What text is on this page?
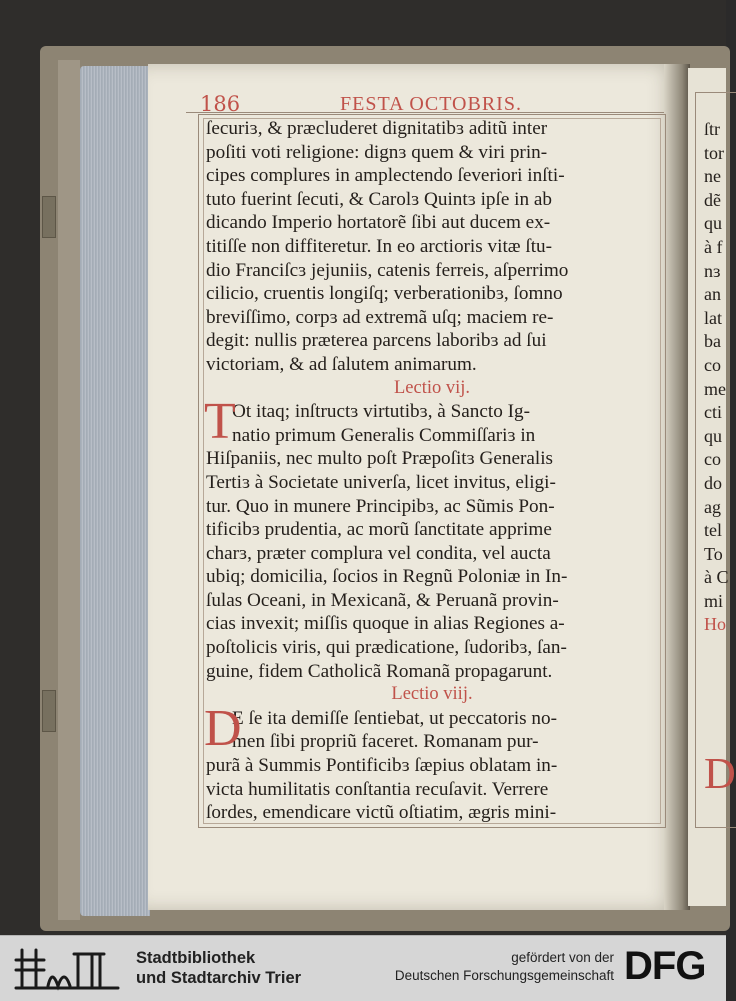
186	FESTA OCTOBRIS.
ſecuriɜ, & præcluderet dignitatibɜ aditũ inter
poſiti voti religione: dignɜ quem & viri prin-
cipes complures in amplectendo ſeveriori inſti-
tuto fuerint ſecuti, & Carolɜ Quintɜ ipſe in ab
dicando Imperio hortatorẽ ſibi aut ducem ex-
titiſſe non diffiteretur. In eo arctioris vitæ ſtu-
dio Franciſcɜ jejuniis, catenis ferreis, aſperrimo
cilicio, cruentis longiſq; verberationibɜ, ſomno
breviſſimo, corpɜ ad extremã uſq; maciem re-
degit: nullis præterea parcens laboribɜ ad ſui
victoriam, & ad ſalutem animarum.
Lectio vij.
Ot itaq; inſtructɜ virtutibɜ, à Sancto Ig-
natio primum Generalis Commiſſariɜ in
Hiſpaniis, nec multo poſt Præpoſitɜ Generalis
Tertiɜ à Societate univerſa, licet invitus, eligi-
tur. Quo in munere Principibɜ, ac Sũmis Pon-
tificibɜ prudentia, ac morũ ſanctitate apprime
charɜ, præter complura vel condita, vel aucta
ubiq; domicilia, ſocios in Regnũ Poloniæ in In-
ſulas Oceani, in Mexicanã, & Peruanã provin-
cias invexit; miſſis quoque in alias Regiones a-
poſtolicis viris, qui prædicatione, ſudoribɜ, ſan-
guine, fidem Catholicã Romanã propagarunt.
Lectio viij.
E ſe ita demiſſe ſentiebat, ut peccatoris no-
men ſibi propriũ faceret. Romanam pur-
purã à Summis Pontificibɜ ſæpius oblatam in-
victa humilitatis conſtantia recuſavit. Verrere
ſordes, emendicare victũ oſtiatim, ægris mini-
T
D
ſtr
tor
ne
dẽ
qu
à f
nɜ
an
lat
ba
co
me
cti
qu
co
do
ag
tel
To
à C
mi
Ho
D
Stadtbibliothek
und Stadtarchiv Trier
gefördert von der
Deutschen Forschungsgemeinschaft DFG
